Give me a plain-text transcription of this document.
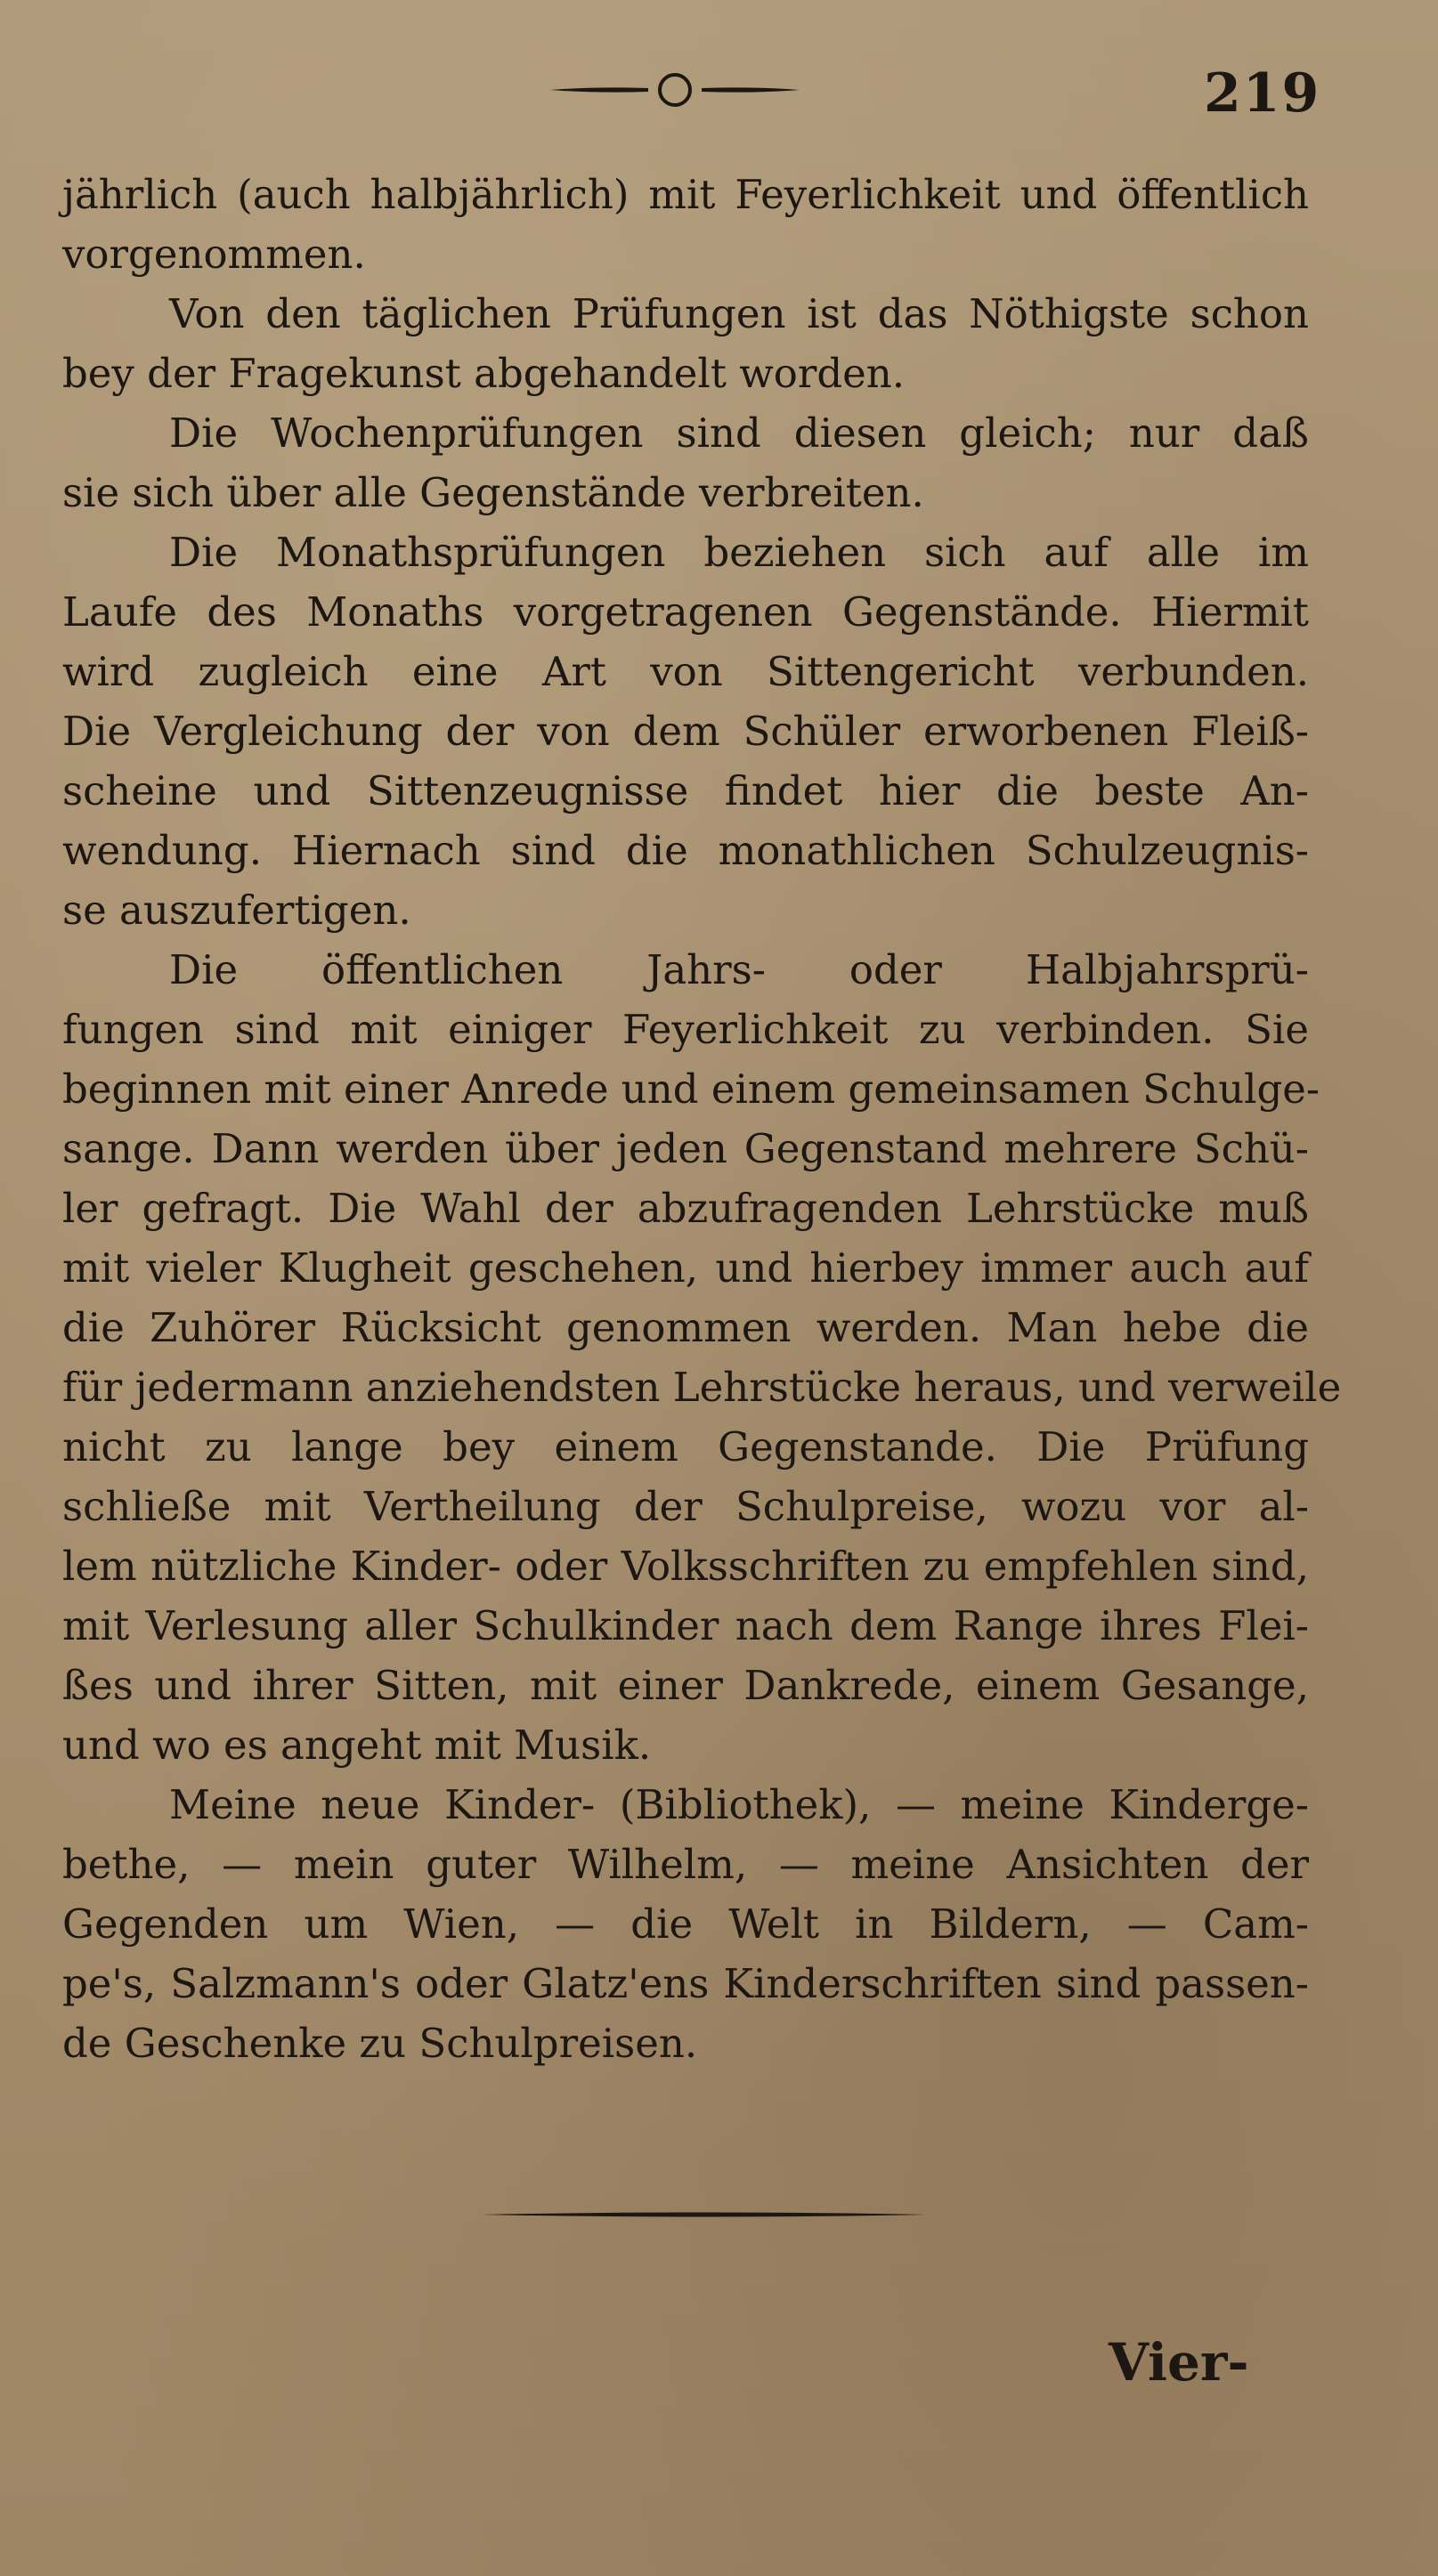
219
jährlich (auch halbjährlich) mit Feyerlichkeit und öffentlich
vorgenommen.
Von den täglichen Prüfungen ist das Nöthigste schon
bey der Fragekunst abgehandelt worden.
Die Wochenprüfungen sind diesen gleich; nur daß
sie sich über alle Gegenstände verbreiten.
Die Monathsprüfungen beziehen sich auf alle im
Laufe des Monaths vorgetragenen Gegenstände. Hiermit
wird zugleich eine Art von Sittengericht verbunden.
Die Vergleichung der von dem Schüler erworbenen Fleiß-
scheine und Sittenzeugnisse findet hier die beste An-
wendung. Hiernach sind die monathlichen Schulzeugnis-
se auszufertigen.
Die öffentlichen Jahrs- oder Halbjahrsprü-
fungen sind mit einiger Feyerlichkeit zu verbinden. Sie
beginnen mit einer Anrede und einem gemeinsamen Schulge-
sange. Dann werden über jeden Gegenstand mehrere Schü-
ler gefragt. Die Wahl der abzufragenden Lehrstücke muß
mit vieler Klugheit geschehen, und hierbey immer auch auf
die Zuhörer Rücksicht genommen werden. Man hebe die
für jedermann anziehendsten Lehrstücke heraus, und verweile
nicht zu lange bey einem Gegenstande. Die Prüfung
schließe mit Vertheilung der Schulpreise, wozu vor al-
lem nützliche Kinder- oder Volksschriften zu empfehlen sind,
mit Verlesung aller Schulkinder nach dem Range ihres Flei-
ßes und ihrer Sitten, mit einer Dankrede, einem Gesange,
und wo es angeht mit Musik.
Meine neue Kinder- (Bibliothek), — meine Kinderge-
bethe, — mein guter Wilhelm, — meine Ansichten der
Gegenden um Wien, — die Welt in Bildern, — Cam-
pe's, Salzmann's oder Glatz'ens Kinderschriften sind passen-
de Geschenke zu Schulpreisen.
Vier-
